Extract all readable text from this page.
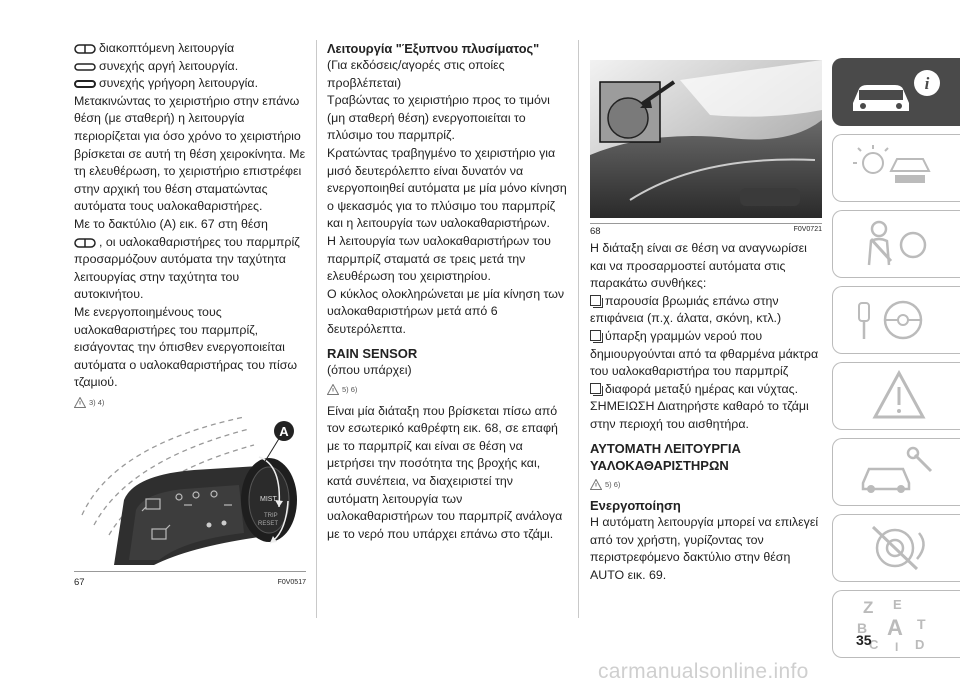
διακοπτόμενη λειτουργία

συνεχής αργή λειτουργία.

συνεχής γρήγορη λειτουργία.

Μετακινώντας το χειριστήριο στην επάνω θέση (με σταθερή) η λειτουργία περιορίζεται για όσο χρόνο το χειριστήριο βρίσκεται σε αυτή τη θέση χειροκίνητα. Με τη ελευθέρωση, το χειριστήριο επιστρέφει στην αρχική του θέση σταματώντας αυτόματα τους υαλοκαθαριστήρες.

Με το δακτύλιο (A) εικ. 67 στη θέση
, οι υαλοκαθαριστήρες του παρμπρίζ προσαρμόζουν αυτόματα την ταχύτητα λειτουργίας στην ταχύτητα του αυτοκινήτου.

Με ενεργοποιημένους τους υαλοκαθαριστήρες του παρμπρίζ, εισάγοντας την όπισθεν ενεργοποιείται αυτόματα ο υαλοκαθαριστήρας του πίσω τζαμιού.

3) 4)
A
MIST
TRIP
RESET
67	F0V0517
Λειτουργία "Έξυπνου πλυσίματος"

(Για εκδόσεις/αγορές στις οποίες προβλέπεται)

Τραβώντας το χειριστήριο προς το τιμόνι (μη σταθερή θέση) ενεργοποιείται το πλύσιμο του παρμπρίζ.

Κρατώντας τραβηγμένο το χειριστήριο για μισό δευτερόλεπτο είναι δυνατόν να ενεργοποιηθεί αυτόματα με μία μόνο κίνηση ο ψεκασμός για το πλύσιμο του παρμπρίζ και η λειτουργία των υαλοκαθαριστήρων.

Η λειτουργία των υαλοκαθαριστήρων του παρμπρίζ σταματά σε τρεις μετά την ελευθέρωση του χειριστηρίου.

Ο κύκλος ολοκληρώνεται με μία κίνηση των υαλοκαθαριστήρων μετά από 6 δευτερόλεπτα.

RAIN SENSOR

(όπου υπάρχει)

5) 6)

Είναι μία διάταξη που βρίσκεται πίσω από τον εσωτερικό καθρέφτη εικ. 68, σε επαφή με το παρμπρίζ και είναι σε θέση να μετρήσει την ποσότητα της βροχής και, κατά συνέπεια, να διαχειριστεί την αυτόματη λειτουργία των υαλοκαθαριστήρων του παρμπρίζ ανάλογα με το νερό που υπάρχει επάνω στο τζάμι.

68	F0V0721

Η διάταξη είναι σε θέση να αναγνωρίσει και να προσαρμοστεί αυτόματα στις παρακάτω συνθήκες:

παρουσία βρωμιάς επάνω στην επιφάνεια (π.χ. άλατα, σκόνη, κτλ.)

ύπαρξη γραμμών νερού που δημιουργούνται από τα φθαρμένα μάκτρα του υαλοκαθαριστήρα του παρμπρίζ

διαφορά μεταξύ ημέρας και νύχτας.

ΣΗΜΕΙΩΣΗ Διατηρήστε καθαρό το τζάμι στην περιοχή του αισθητήρα.

ΑΥΤΟΜΑΤΗ ΛΕΙΤΟΥΡΓΙΑ ΥΑΛΟΚΑΘΑΡΙΣΤΗΡΩΝ
5) 6)
Ενεργοποίηση

Η αυτόματη λειτουργία μπορεί να επιλεγεί από τον χρήστη, γυρίζοντας τον περιστρεφόμενο δακτύλιο στην θέση AUTO εικ. 69.

i
Z E
B A T
C	D
I
35
carmanualsonline.info
